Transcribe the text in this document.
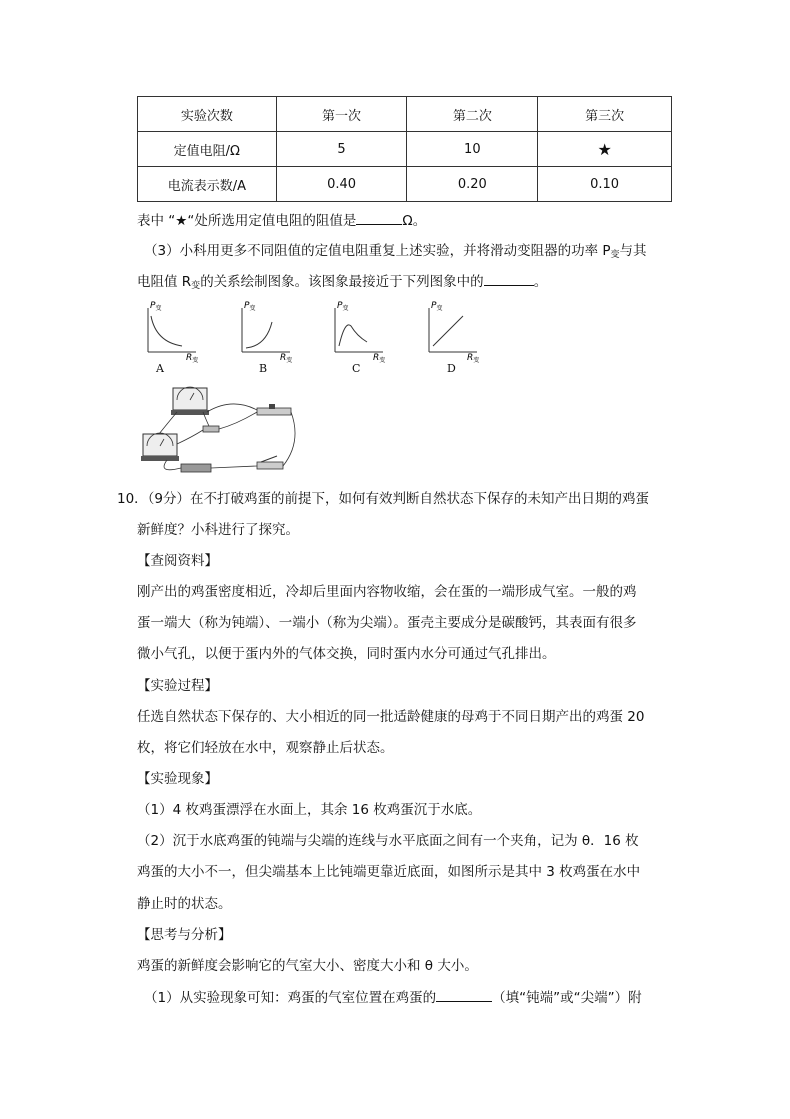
实验次数	第一次	第二次	第三次
定值电阻/Ω	5	10	★
电流表示数/A	0.40	0.20	0.10
表中 “★“处所选用定值电阻的阻值是	Ω。
（3）小科用更多不同阻值的定值电阻重复上述实验，并将滑动变阻器的功率 $P_变$与其
电阻值 $R_变$的关系绘制图象。该图象最接近于下列图象中的	。
$P_变$
$R_变$
A
$P_变$
$R_变$
B
$P_变$
$R_变$
C
$P_变$
$R_变$
D
10．（9分）在不打破鸡蛋的前提下，如何有效判断自然状态下保存的未知产出日期的鸡蛋
新鲜度？小科进行了探究。
【查阅资料】
刚产出的鸡蛋密度相近，冷却后里面内容物收缩，会在蛋的一端形成气室。一般的鸡
蛋一端大（称为钝端）、一端小（称为尖端）。蛋壳主要成分是碳酸钙，其表面有很多
微小气孔，以便于蛋内外的气体交换，同时蛋内水分可通过气孔排出。
【实验过程】
任选自然状态下保存的、大小相近的同一批适龄健康的母鸡于不同日期产出的鸡蛋 20
枚，将它们轻放在水中，观察静止后状态。
【实验现象】
（1）4 枚鸡蛋漂浮在水面上，其余 16 枚鸡蛋沉于水底。
（2）沉于水底鸡蛋的钝端与尖端的连线与水平底面之间有一个夹角，记为 θ．16 枚
鸡蛋的大小不一，但尖端基本上比钝端更靠近底面，如图所示是其中 3 枚鸡蛋在水中
静止时的状态。
【思考与分析】
鸡蛋的新鲜度会影响它的气室大小、密度大小和 θ 大小。
（1）从实验现象可知：鸡蛋的气室位置在鸡蛋的	（填“钝端”或“尖端”）附
